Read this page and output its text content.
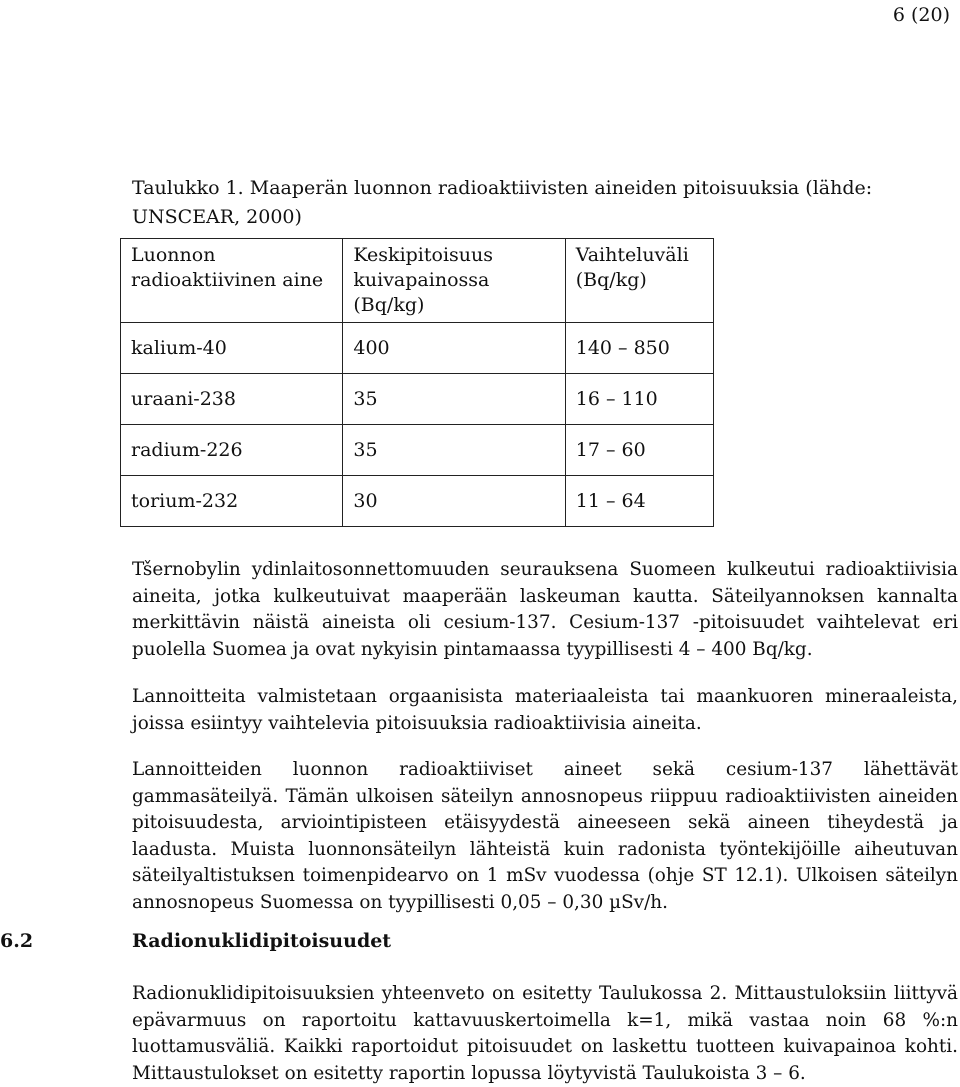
6 (20)
Taulukko 1. Maaperän luonnon radioaktiivisten aineiden pitoisuuksia (lähde: UNSCEAR, 2000)
Luonnon radioaktiivinen aine	Keskipitoisuus kuivapainossa (Bq/kg)	Vaihteluväli (Bq/kg)
kalium-40	400	140 – 850
uraani-238	35	16 – 110
radium-226	35	17 – 60
torium-232	30	11 – 64

Tšernobylin ydinlaitosonnettomuuden seurauksena Suomeen kulkeutui radioaktiivisia aineita, jotka kulkeutuivat maaperään laskeuman kautta. Säteilyannoksen kannalta merkittävin näistä aineista oli cesium-137. Cesium-137 -pitoisuudet vaihtelevat eri puolella Suomea ja ovat nykyisin pintamaassa tyypillisesti 4 – 400 Bq/kg.

Lannoitteita valmistetaan orgaanisista materiaaleista tai maankuoren mineraaleista, joissa esiintyy vaihtelevia pitoisuuksia radioaktiivisia aineita.

Lannoitteiden luonnon radioaktiiviset aineet sekä cesium-137 lähettävät gammasäteilyä. Tämän ulkoisen säteilyn annosnopeus riippuu radioaktiivisten aineiden pitoisuudesta, arviointipisteen etäisyydestä aineeseen sekä aineen tiheydestä ja laadusta. Muista luonnonsäteilyn lähteistä kuin radonista työntekijöille aiheutuvan säteilyaltistuksen toimenpidearvo on 1 mSv vuodessa (ohje ST 12.1). Ulkoisen säteilyn annosnopeus Suomessa on tyypillisesti 0,05 – 0,30 µSv/h.

6.2	Radionuklidipitoisuudet

Radionuklidipitoisuuksien yhteenveto on esitetty Taulukossa 2. Mittaustuloksiin liittyvä epävarmuus on raportoitu kattavuuskertoimella k=1, mikä vastaa noin 68 %:n luottamusväliä. Kaikki raportoidut pitoisuudet on laskettu tuotteen kuivapainoa kohti. Mittaustulokset on esitetty raportin lopussa löytyvistä Taulukoista 3 – 6.
